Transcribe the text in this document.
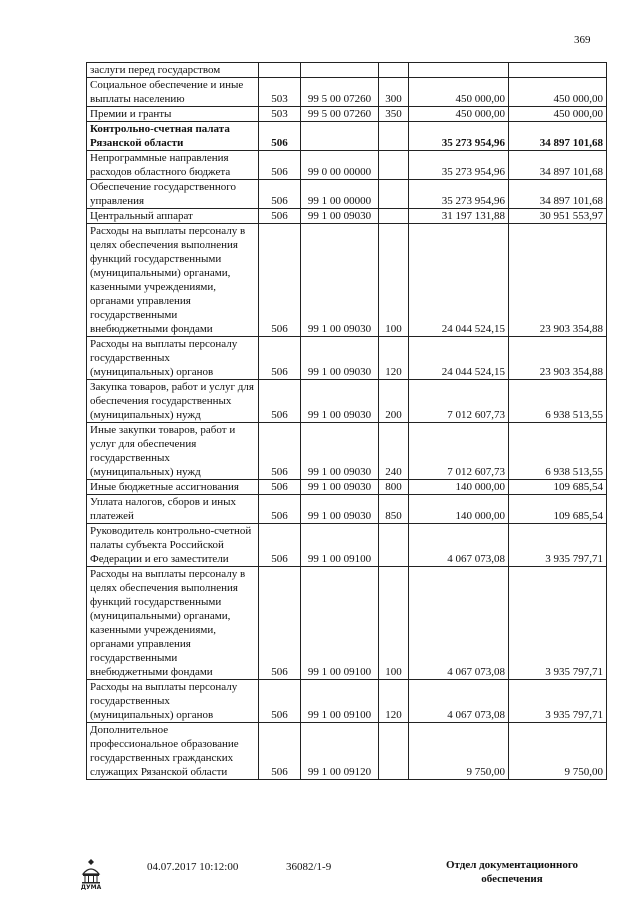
369
заслуги перед государством					
Социальное обеспечение и иные выплаты населению	503	99 5 00 07260	300	450 000,00	450 000,00
Премии и гранты	503	99 5 00 07260	350	450 000,00	450 000,00
Контрольно-счетная палата Рязанской области	506			35 273 954,96	34 897 101,68
Непрограммные направления расходов областного бюджета	506	99 0 00 00000		35 273 954,96	34 897 101,68
Обеспечение государственного управления	506	99 1 00 00000		35 273 954,96	34 897 101,68
Центральный аппарат	506	99 1 00 09030		31 197 131,88	30 951 553,97
Расходы на выплаты персоналу в целях обеспечения выполнения функций государственными (муниципальными) органами, казенными учреждениями, органами управления государственными внебюджетными фондами	506	99 1 00 09030	100	24 044 524,15	23 903 354,88
Расходы на выплаты персоналу государственных (муниципальных) органов	506	99 1 00 09030	120	24 044 524,15	23 903 354,88
Закупка товаров, работ и услуг для обеспечения государственных (муниципальных) нужд	506	99 1 00 09030	200	7 012 607,73	6 938 513,55
Иные закупки товаров, работ и услуг для обеспечения государственных (муниципальных) нужд	506	99 1 00 09030	240	7 012 607,73	6 938 513,55
Иные бюджетные ассигнования	506	99 1 00 09030	800	140 000,00	109 685,54
Уплата налогов, сборов и иных платежей	506	99 1 00 09030	850	140 000,00	109 685,54
Руководитель контрольно-счетной палаты субъекта Российской Федерации и его заместители	506	99 1 00 09100		4 067 073,08	3 935 797,71
Расходы на выплаты персоналу в целях обеспечения выполнения функций государственными (муниципальными) органами, казенными учреждениями, органами управления государственными внебюджетными фондами	506	99 1 00 09100	100	4 067 073,08	3 935 797,71
Расходы на выплаты персоналу государственных (муниципальных) органов	506	99 1 00 09100	120	4 067 073,08	3 935 797,71
Дополнительное профессиональное образование государственных гражданских служащих Рязанской области	506	99 1 00 09120		9 750,00	9 750,00
ДУМА
04.07.2017 10:12:00	36082/1-9	Отдел документационного обеспечения
